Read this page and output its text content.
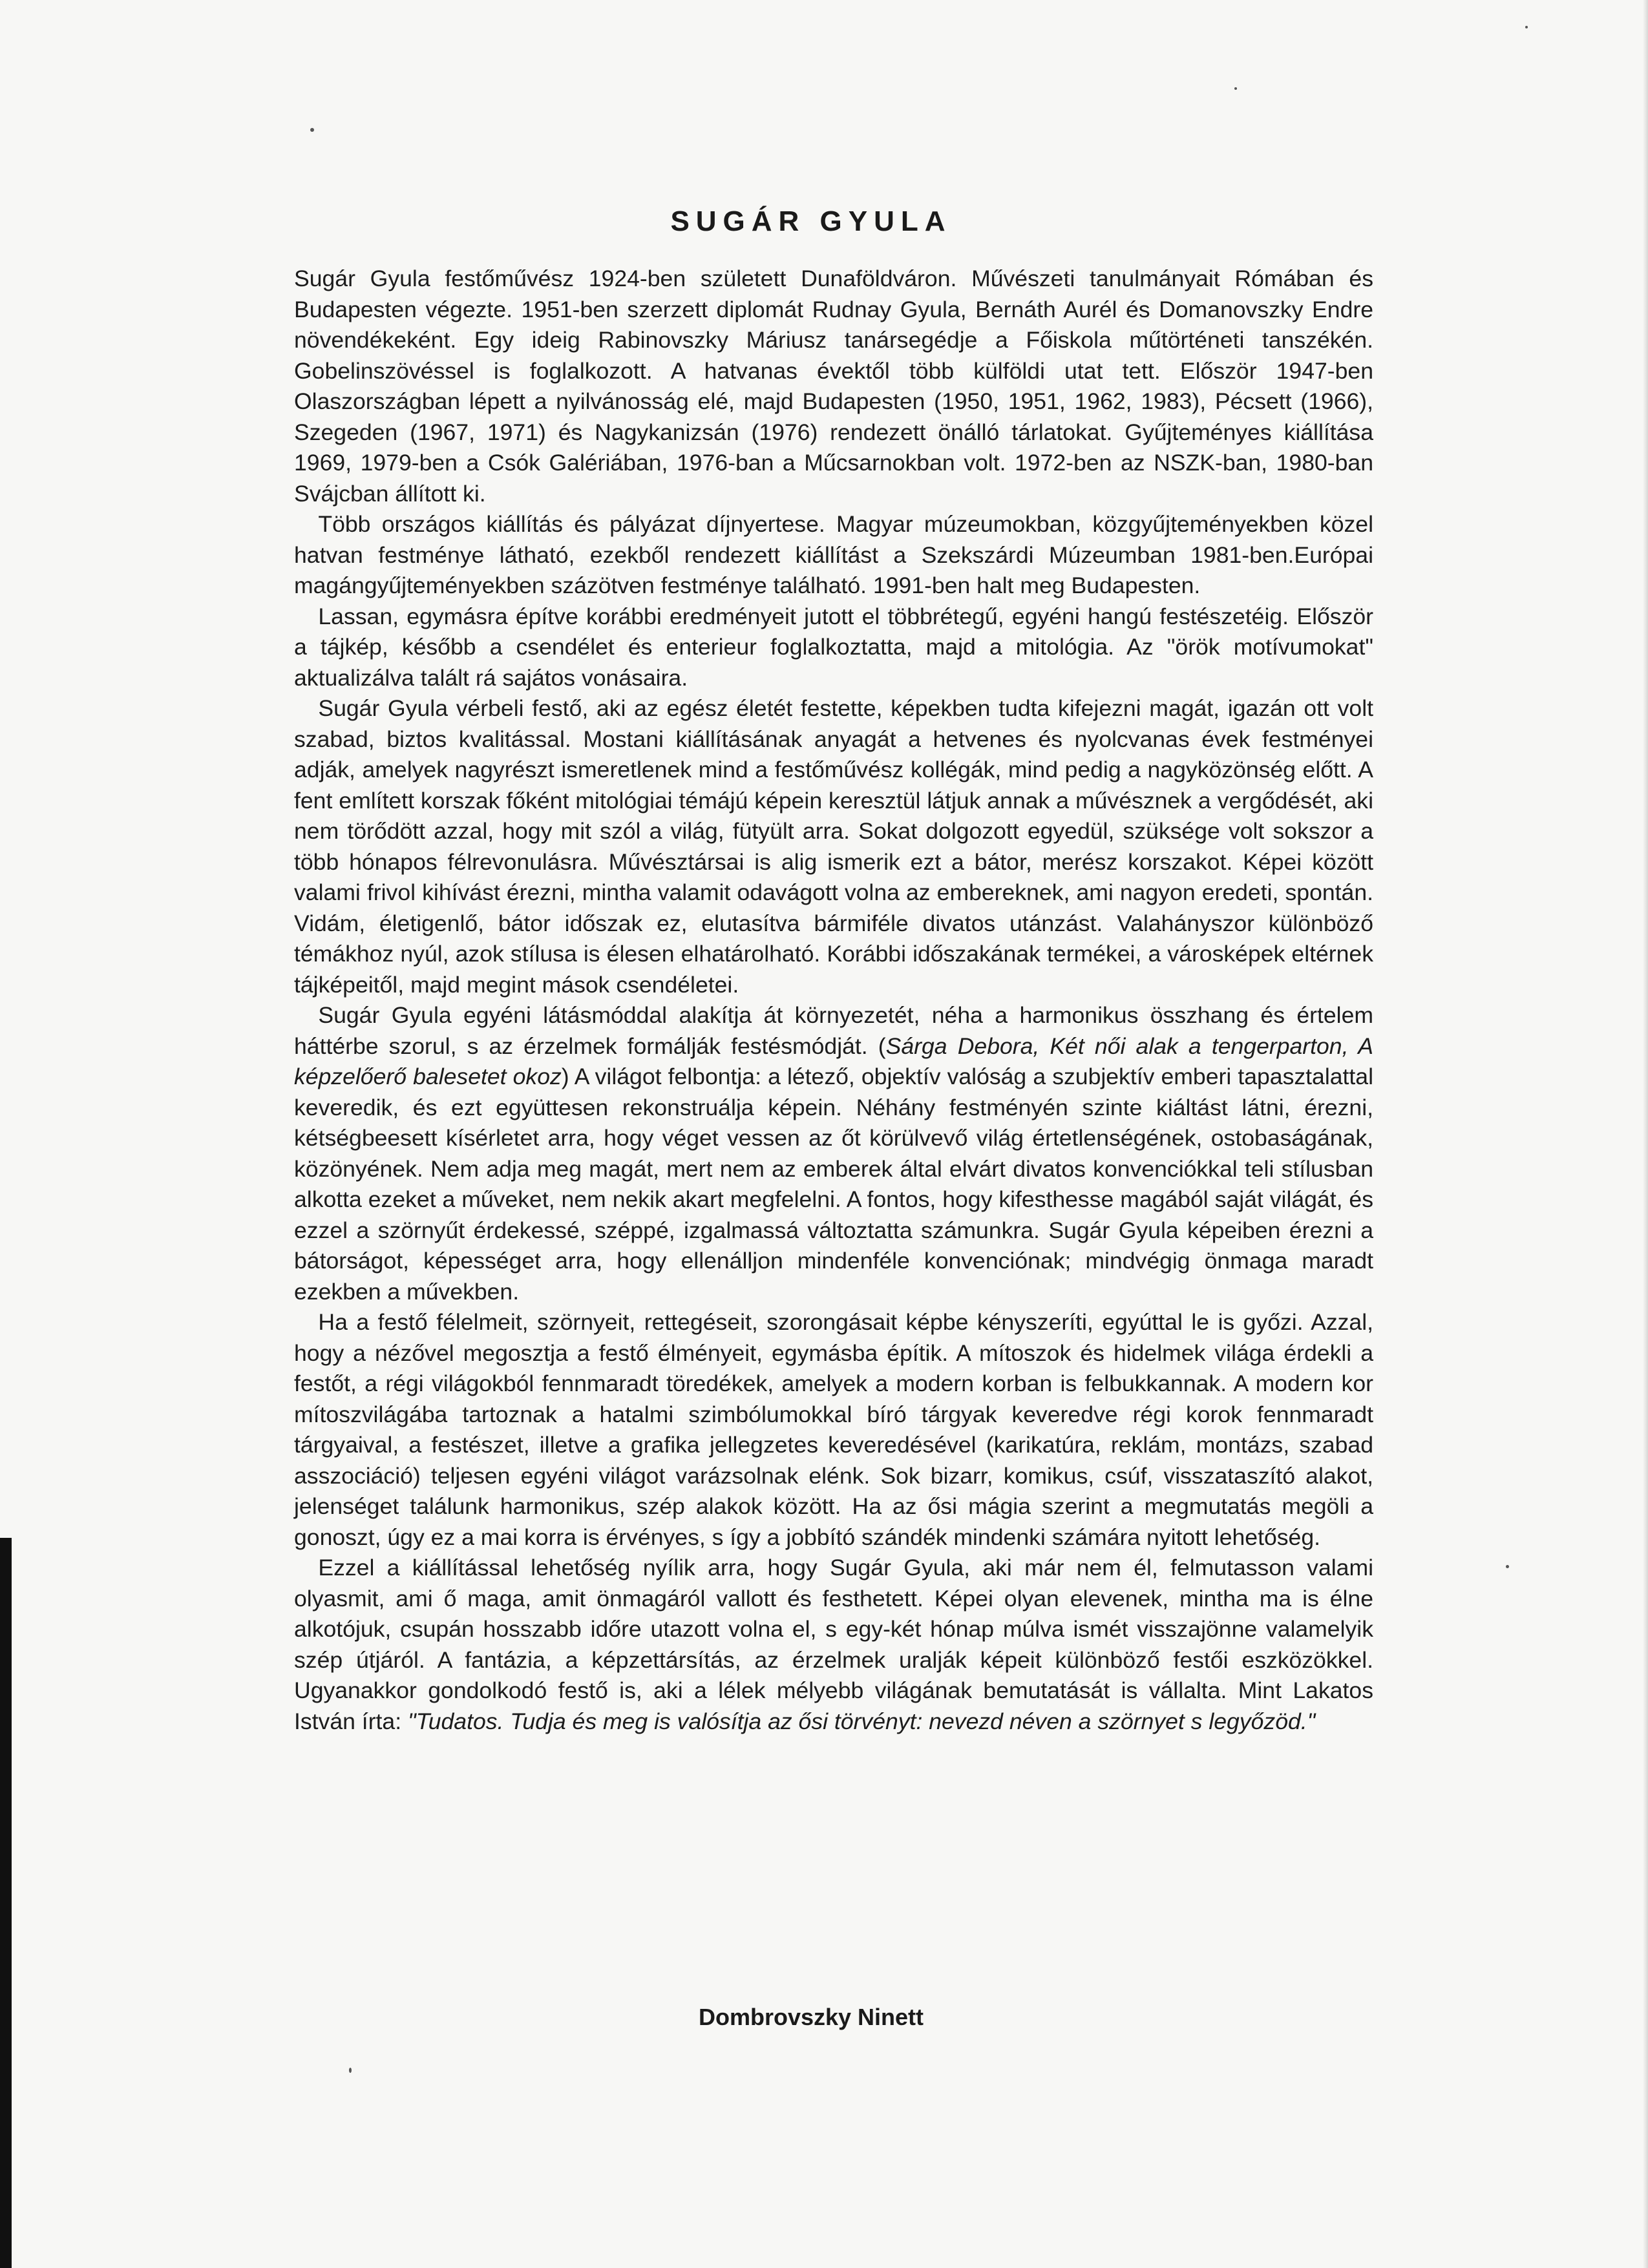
SUGÁR GYULA

Sugár Gyula festőművész 1924-ben született Dunaföldváron. Művészeti tanulmányait Rómában és Budapesten végezte. 1951-ben szerzett diplomát Rudnay Gyula, Bernáth Aurél és Domanovszky Endre növendékeként. Egy ideig Rabinovszky Máriusz tanársegédje a Főiskola műtörténeti tanszékén. Gobelinszövéssel is foglalkozott. A hatvanas évektől több külföldi utat tett. Először 1947-ben Olaszországban lépett a nyilvánosság elé, majd Budapesten (1950, 1951, 1962, 1983), Pécsett (1966), Szegeden (1967, 1971) és Nagykanizsán (1976) rendezett önálló tárlatokat. Gyűjteményes kiállítása 1969, 1979-ben a Csók Galériában, 1976-ban a Műcsarnokban volt. 1972-ben az NSZK-ban, 1980-ban Svájcban állított ki.

Több országos kiállítás és pályázat díjnyertese. Magyar múzeumokban, közgyűjteményekben közel hatvan festménye látható, ezekből rendezett kiállítást a Szekszárdi Múzeumban 1981-ben.Európai magángyűjteményekben százötven festménye található. 1991-ben halt meg Budapesten.

Lassan, egymásra építve korábbi eredményeit jutott el többrétegű, egyéni hangú festészetéig. Először a tájkép, később a csendélet és enterieur foglalkoztatta, majd a mitológia. Az "örök motívumokat" aktualizálva talált rá sajátos vonásaira.

Sugár Gyula vérbeli festő, aki az egész életét festette, képekben tudta kifejezni magát, igazán ott volt szabad, biztos kvalitással. Mostani kiállításának anyagát a hetvenes és nyolcvanas évek festményei adják, amelyek nagyrészt ismeretlenek mind a festőművész kollégák, mind pedig a nagyközönség előtt. A fent említett korszak főként mitológiai témájú képein keresztül látjuk annak a művésznek a vergődését, aki nem törődött azzal, hogy mit szól a világ, fütyült arra. Sokat dolgozott egyedül, szüksége volt sokszor a több hónapos félrevonulásra. Művésztársai is alig ismerik ezt a bátor, merész korszakot. Képei között valami frivol kihívást érezni, mintha valamit odavágott volna az embereknek, ami nagyon eredeti, spontán. Vidám, életigenlő, bátor időszak ez, elutasítva bármiféle divatos utánzást. Valahányszor különböző témákhoz nyúl, azok stílusa is élesen elhatárolható. Korábbi időszakának termékei, a városképek eltérnek tájképeitől, majd megint mások csendéletei.

Sugár Gyula egyéni látásmóddal alakítja át környezetét, néha a harmonikus összhang és értelem háttérbe szorul, s az érzelmek formálják festésmódját. (Sárga Debora, Két női alak a tengerparton, A képzelőerő balesetet okoz) A világot felbontja: a létező, objektív valóság a szubjektív emberi tapasztalattal keveredik, és ezt együttesen rekonstruálja képein. Néhány festményén szinte kiáltást látni, érezni, kétségbeesett kísérletet arra, hogy véget vessen az őt körülvevő világ értetlenségének, ostobaságának, közönyének. Nem adja meg magát, mert nem az emberek által elvárt divatos konvenciókkal teli stílusban alkotta ezeket a műveket, nem nekik akart megfelelni. A fontos, hogy kifesthesse magából saját világát, és ezzel a szörnyűt érdekessé, széppé, izgalmassá változtatta számunkra. Sugár Gyula képeiben érezni a bátorságot, képességet arra, hogy ellenálljon mindenféle konvenciónak; mindvégig önmaga maradt ezekben a művekben.

Ha a festő félelmeit, szörnyeit, rettegéseit, szorongásait képbe kényszeríti, egyúttal le is győzi. Azzal, hogy a nézővel megosztja a festő élményeit, egymásba építik. A mítoszok és hidelmek világa érdekli a festőt, a régi világokból fennmaradt töredékek, amelyek a modern korban is felbukkannak. A modern kor mítoszvilágába tartoznak a hatalmi szimbólumokkal bíró tárgyak keveredve régi korok fennmaradt tárgyaival, a festészet, illetve a grafika jellegzetes keveredésével (karikatúra, reklám, montázs, szabad asszociáció) teljesen egyéni világot varázsolnak elénk. Sok bizarr, komikus, csúf, visszataszító alakot, jelenséget találunk harmonikus, szép alakok között. Ha az ősi mágia szerint a megmutatás megöli a gonoszt, úgy ez a mai korra is érvényes, s így a jobbító szándék mindenki számára nyitott lehetőség.

Ezzel a kiállítással lehetőség nyílik arra, hogy Sugár Gyula, aki már nem él, felmutasson valami olyasmit, ami ő maga, amit önmagáról vallott és festhetett. Képei olyan elevenek, mintha ma is élne alkotójuk, csupán hosszabb időre utazott volna el, s egy-két hónap múlva ismét visszajönne valamelyik szép útjáról. A fantázia, a képzettársítás, az érzelmek uralják képeit különböző festői eszközökkel. Ugyanakkor gondolkodó festő is, aki a lélek mélyebb világának bemutatását is vállalta. Mint Lakatos István írta: "Tudatos. Tudja és meg is valósítja az ősi törvényt: nevezd néven a szörnyet s legyőzöd."

Dombrovszky Ninett
